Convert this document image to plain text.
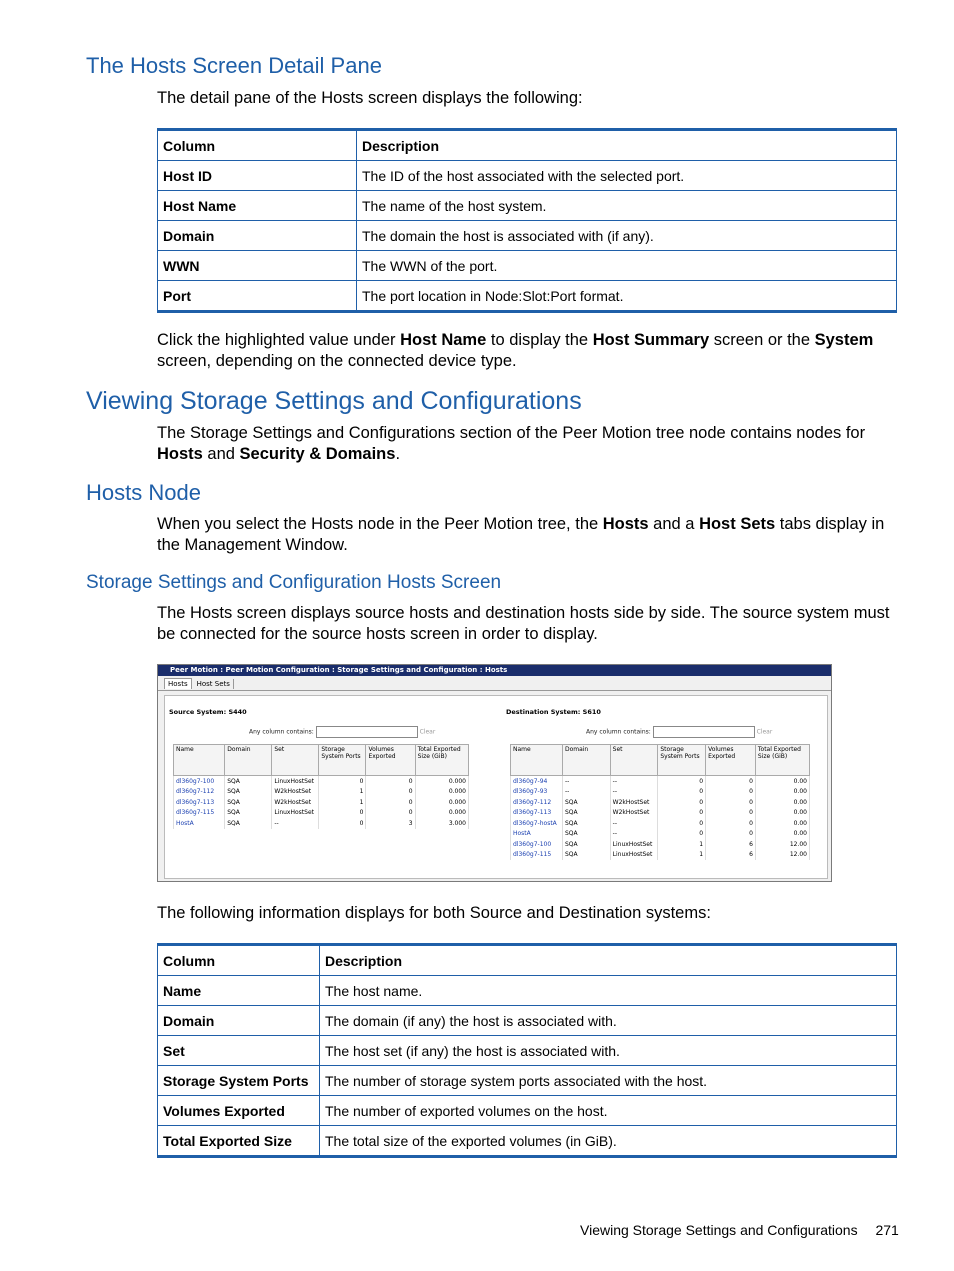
The Hosts Screen Detail Pane

The detail pane of the Hosts screen displays the following:

Column	Description
Host ID	The ID of the host associated with the selected port.
Host Name	The name of the host system.
Domain	The domain the host is associated with (if any).
WWN	The WWN of the port.
Port	The port location in Node:Slot:Port format.

Click the highlighted value under Host Name to display the Host Summary screen or the System screen, depending on the connected device type.

Viewing Storage Settings and Configurations

The Storage Settings and Configurations section of the Peer Motion tree node contains nodes for Hosts and Security & Domains.

Hosts Node

When you select the Hosts node in the Peer Motion tree, the Hosts and a Host Sets tabs display in the Management Window.

Storage Settings and Configuration Hosts Screen

The Hosts screen displays source hosts and destination hosts side by side. The source system must be connected for the source hosts screen in order to display.

Peer Motion : Peer Motion Configuration : Storage Settings and Configuration : Hosts
Hosts Host Sets
Source System: S440
Any column contains:	Clear
Name	Domain	Set	Storage System Ports	Volumes Exported	Total Exported Size (GiB)
dl360g7-100	SQA	LinuxHostSet	0	0	0.000
dl360g7-112	SQA	W2kHostSet	1	0	0.000
dl360g7-113	SQA	W2kHostSet	1	0	0.000
dl360g7-115	SQA	LinuxHostSet	0	0	0.000
HostA	SQA	--	0	3	3.000
Destination System: S610
Any column contains:	Clear
Name	Domain	Set	Storage System Ports	Volumes Exported	Total Exported Size (GiB)
dl360g7-94	--	--	0	0	0.00
dl360g7-93	--	--	0	0	0.00
dl360g7-112	SQA	W2kHostSet	0	0	0.00
dl360g7-113	SQA	W2kHostSet	0	0	0.00
dl360g7-hostA	SQA	--	0	0	0.00
HostA	SQA	--	0	0	0.00
dl360g7-100	SQA	LinuxHostSet	1	6	12.00
dl360g7-115	SQA	LinuxHostSet	1	6	12.00

The following information displays for both Source and Destination systems:

Column	Description
Name	The host name.
Domain	The domain (if any) the host is associated with.
Set	The host set (if any) the host is associated with.
Storage System Ports	The number of storage system ports associated with the host.
Volumes Exported	The number of exported volumes on the host.
Total Exported Size	The total size of the exported volumes (in GiB).
Viewing Storage Settings and Configurations 271
